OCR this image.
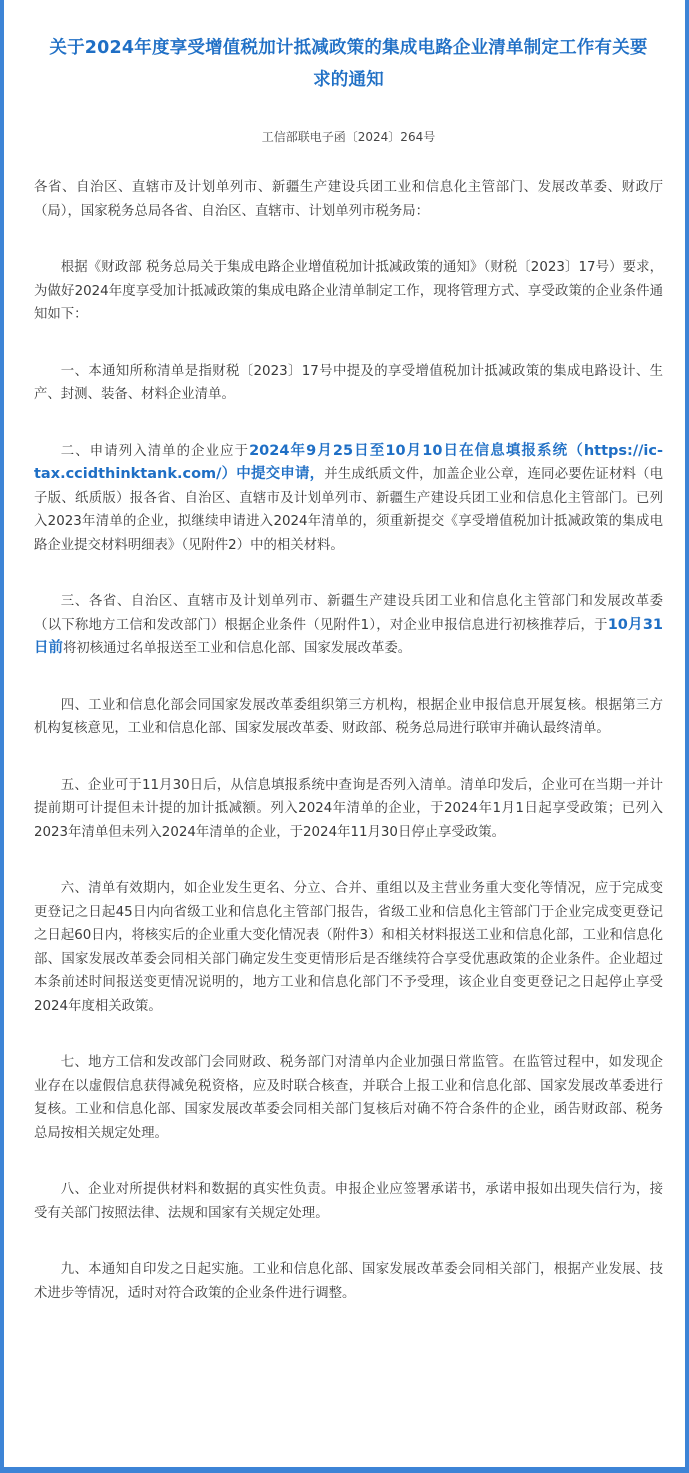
关于2024年度享受增值税加计抵减政策的集成电路企业清单制定工作有关要求的通知
工信部联电子函〔2024〕264号

各省、自治区、直辖市及计划单列市、新疆生产建设兵团工业和信息化主管部门、发展改革委、财政厅（局），国家税务总局各省、自治区、直辖市、计划单列市税务局：

根据《财政部 税务总局关于集成电路企业增值税加计抵减政策的通知》（财税〔2023〕17号）要求，为做好2024年度享受加计抵减政策的集成电路企业清单制定工作，现将管理方式、享受政策的企业条件通知如下：

一、本通知所称清单是指财税〔2023〕17号中提及的享受增值税加计抵减政策的集成电路设计、生产、封测、装备、材料企业清单。

二、申请列入清单的企业应于2024年9月25日至10月10日在信息填报系统（https://ic-tax.ccidthinktank.com/）中提交申请，并生成纸质文件，加盖企业公章，连同必要佐证材料（电子版、纸质版）报各省、自治区、直辖市及计划单列市、新疆生产建设兵团工业和信息化主管部门。已列入2023年清单的企业，拟继续申请进入2024年清单的，须重新提交《享受增值税加计抵减政策的集成电路企业提交材料明细表》（见附件2）中的相关材料。

三、各省、自治区、直辖市及计划单列市、新疆生产建设兵团工业和信息化主管部门和发展改革委（以下称地方工信和发改部门）根据企业条件（见附件1），对企业申报信息进行初核推荐后，于10月31日前将初核通过名单报送至工业和信息化部、国家发展改革委。

四、工业和信息化部会同国家发展改革委组织第三方机构，根据企业申报信息开展复核。根据第三方机构复核意见，工业和信息化部、国家发展改革委、财政部、税务总局进行联审并确认最终清单。

五、企业可于11月30日后，从信息填报系统中查询是否列入清单。清单印发后，企业可在当期一并计提前期可计提但未计提的加计抵减额。列入2024年清单的企业，于2024年1月1日起享受政策；已列入2023年清单但未列入2024年清单的企业，于2024年11月30日停止享受政策。

六、清单有效期内，如企业发生更名、分立、合并、重组以及主营业务重大变化等情况，应于完成变更登记之日起45日内向省级工业和信息化主管部门报告，省级工业和信息化主管部门于企业完成变更登记之日起60日内，将核实后的企业重大变化情况表（附件3）和相关材料报送工业和信息化部，工业和信息化部、国家发展改革委会同相关部门确定发生变更情形后是否继续符合享受优惠政策的企业条件。企业超过本条前述时间报送变更情况说明的，地方工业和信息化部门不予受理，该企业自变更登记之日起停止享受2024年度相关政策。

七、地方工信和发改部门会同财政、税务部门对清单内企业加强日常监管。在监管过程中，如发现企业存在以虚假信息获得减免税资格，应及时联合核查，并联合上报工业和信息化部、国家发展改革委进行复核。工业和信息化部、国家发展改革委会同相关部门复核后对确不符合条件的企业，函告财政部、税务总局按相关规定处理。

八、企业对所提供材料和数据的真实性负责。申报企业应签署承诺书，承诺申报如出现失信行为，接受有关部门按照法律、法规和国家有关规定处理。

九、本通知自印发之日起实施。工业和信息化部、国家发展改革委会同相关部门，根据产业发展、技术进步等情况，适时对符合政策的企业条件进行调整。
